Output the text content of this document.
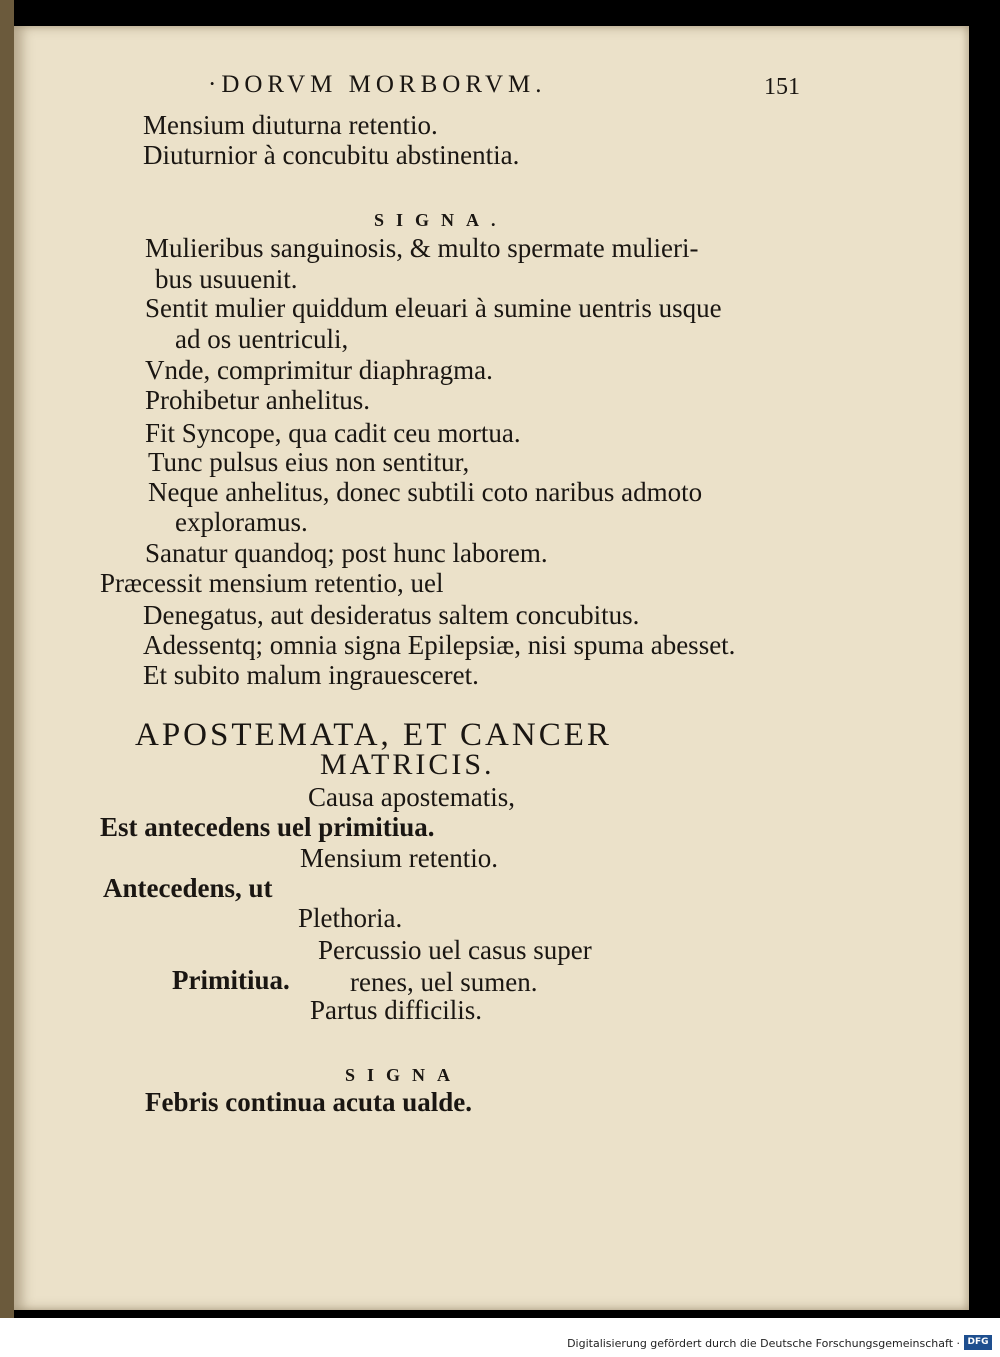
·DORVM MORBORVM.	151
Mensium diuturna retentio.
Diuturnior à concubitu abstinentia.
SIGNA.
Mulieribus sanguinosis, & multo spermate mulieri-
bus usuuenit.
Sentit mulier quiddum eleuari à sumine uentris usque
ad os uentriculi,
Vnde, comprimitur diaphragma.
Prohibetur anhelitus.
Fit Syncope, qua cadit ceu mortua.
Tunc pulsus eius non sentitur,
Neque anhelitus, donec subtili coto naribus admoto
exploramus.
Sanatur quandoq; post hunc laborem.
Præcessit mensium retentio, uel
Denegatus, aut desideratus saltem concubitus.
Adessentq; omnia signa Epilepsiæ, nisi spuma abesset.
Et subito malum ingrauesceret.
APOSTEMATA, ET CANCER
MATRICIS.
Causa apostematis,
Est antecedens uel primitiua.
Mensium retentio.
Antecedens, ut
Plethoria.
Percussio uel casus super
Primitiua. renes, uel sumen.
Partus difficilis.
SIGNA
Febris continua acuta ualde.
Digitalisierung gefördert durch die Deutsche Forschungsgemeinschaft · DFG
